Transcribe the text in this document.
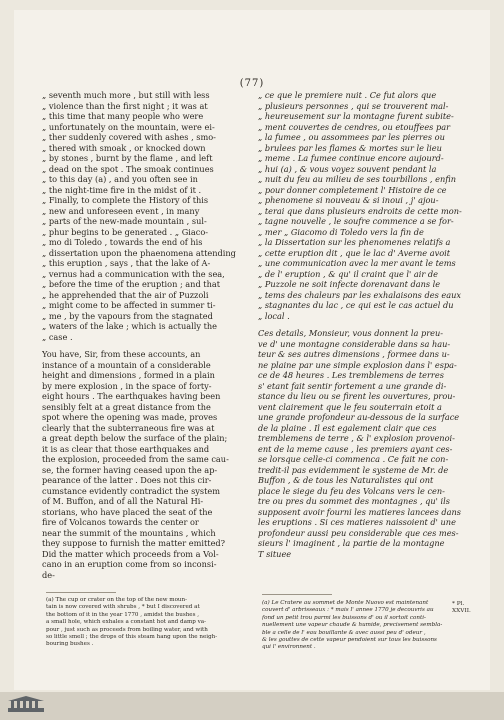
(77)
„ seventh much more , but still with less
„ violence than the first night ; it was at
„ this time that many people who were
„ unfortunately on the mountain, were ei-
„ ther suddenly covered with ashes , smo-
„ thered with smoak , or knocked down
„ by stones , burnt by the flame , and left
„ dead on the spot . The smoak continues
„ to this day (a) , and you often see in
„ the night-time fire in the midst of it .
„ Finally, to complete the History of this
„ new and unforeseen event , in many
„ parts of the new-made mountain , sul-
„ phur begins to be generated . „ Giaco-
„ mo di Toledo , towards the end of his
„ dissertation upon the phaenomena attending
„ this eruption , says , that the lake of A-
„ vernus had a communication with the sea,
„ before the time of the eruption ; and that
„ he apprehended that the air of Puzzoli
„ might come to be affected in summer ti-
„ me , by the vapours from the stagnated
„ waters of the lake ; which is actually the
„ case .
You have, Sir, from these accounts, an
instance of a mountain of a considerable
height and dimensions , formed in a plain
by mere explosion , in the space of forty-
eight hours . The earthquakes having been
sensibly felt at a great distance from the
spot where the opening was made, proves
clearly that the subterraneous fire was at
a great depth below the surface of the plain;
it is as clear that those earthquakes and
the explosion, proceeded from the same cau-
se, the former having ceased upon the ap-
pearance of the latter . Does not this cir-
cumstance evidently contradict the system
of M. Buffon, and of all the Natural Hi-
storians, who have placed the seat of the
fire of Volcanos towards the center or
near the summit of the mountains , which
they suppose to furnish the matter emitted?
Did the matter which proceeds from a Vol-
cano in an eruption come from so inconsi-
de-
„ ce que le premiere nuit . Ce fut alors que
„ plusieurs personnes , qui se trouverent mal-
„ heureusement sur la montagne furent subite-
„ ment couvertes de cendres, ou etouffees par
„ la fumee , ou assommees par les pierres ou
„ brulees par les flames & mortes sur le lieu
„ meme . La fumee continue encore aujourd-
„ hui (a) , & vous voyez souvent pendant la
„ nuit du feu au milieu de ses tourbillons , enfin
„ pour donner completement l' Histoire de ce
„ phenomene si nouveau & si inoui , j' ajou-
„ terai que dans plusieurs endroits de cette mon-
„ tagne nouvelle , le soufre commence a se for-
„ mer „ Giacomo di Toledo vers la fin de
„ la Dissertation sur les phenomenes relatifs a
„ cette eruption dit , que le lac d' Averne avoit
„ une communication avec la mer avant le tems
„ de l' eruption , & qu' il craint que l' air de
„ Puzzole ne soit infecte dorenavant dans le
„ tems des chaleurs par les exhalaisons des eaux
„ stagnantes du lac , ce qui est le cas actuel du
„ local .
Ces details, Monsieur, vous donnent la preu-
ve d' une montagne considerable dans sa hau-
teur & ses autres dimensions , formee dans u-
ne plaine par une simple explosion dans l' espa-
ce de 48 heures . Les tremblemens de terres
s' etant fait sentir fortement a une grande di-
stance du lieu ou se firent les ouvertures, prou-
vent clairement que le feu souterrain etoit a
une grande profondeur au-dessous de la surface
de la plaine . Il est egalement clair que ces
tremblemens de terre , & l' explosion provenoi-
ent de la meme cause , les premiers ayant ces-
se lorsque celle-ci commenca . Ce fait ne con-
tredit-il pas evidemment le systeme de Mr. de
Buffon , & de tous les Naturalistes qui ont
place le siege du feu des Volcans vers le cen-
tre ou pres du sommet des montagnes , qu' ils
supposent avoir fourni les matieres lancees dans
les eruptions . Si ces matieres naissoient d' une
profondeur aussi peu considerable que ces mes-
sieurs l' imaginent , la partie de la montagne
T situee
(a) The cup or crater on the top of the new moun-
tain is now covered with shrubs , * but I discovered at
the bottom of it in the year 1770 , amidst the bushes ,
a small hole, which exhales a constant hot and damp va-
pour , just such as proceeds from boiling water, and with
so little smell ; the drops of this steam hang upon the neigh-
bouring bushes .
(a) Le Cratere au sommet de Monte Nuovo est maintenant
couvert d' arbrisseaux : * mais l' annee 1770 je decouvris au
fond un petit trou parmi les buissons d' ou il sortoit conti-
nuellement une vapeur chaude & humide, precisement sembla-
ble a celle de l' eau bouillante & avec aussi peu d' odeur ,
& les gouttes de cette vapeur pendoient sur tous les buissons
qui l' environnent .
* Pl.
XXVII.
